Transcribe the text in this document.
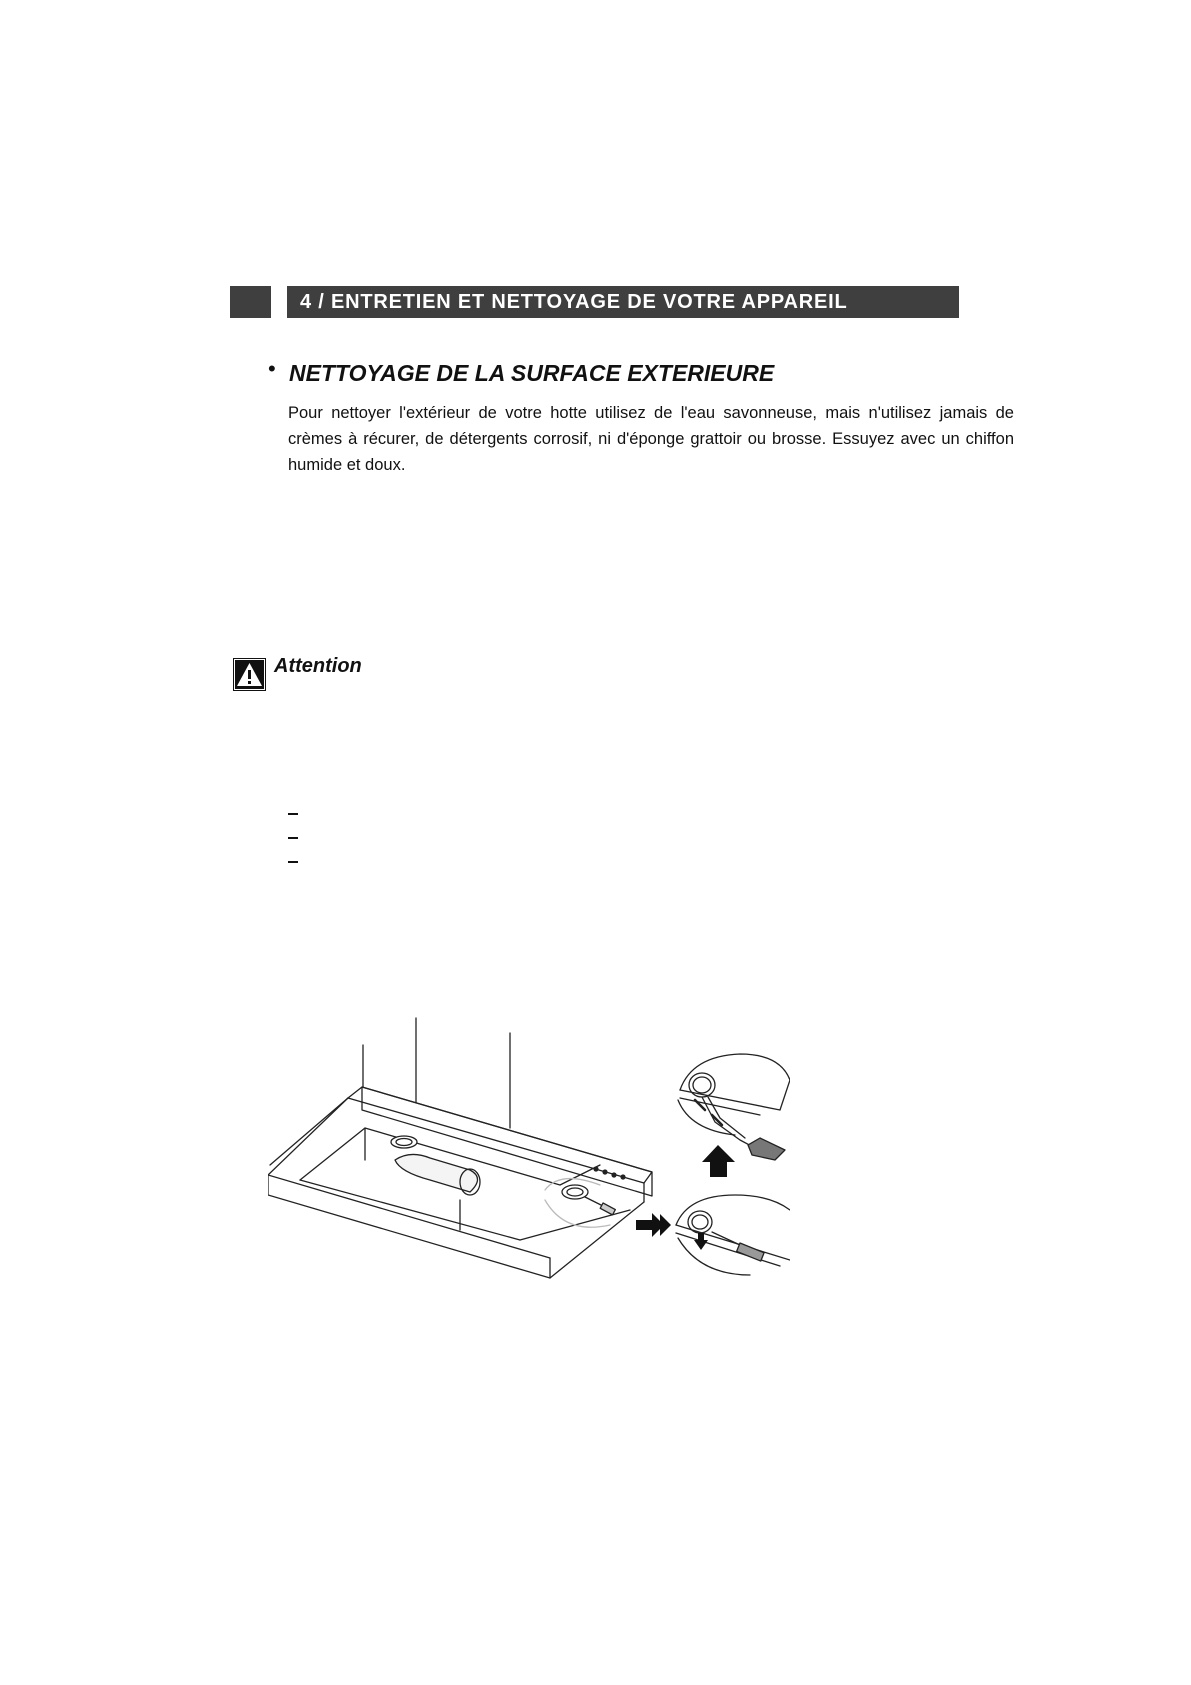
4 / ENTRETIEN ET NETTOYAGE DE VOTRE APPAREIL
• NETTOYAGE DE LA SURFACE EXTERIEURE

Pour nettoyer l'extérieur de votre hotte utilisez de l'eau savonneuse, mais n'utilisez jamais de crèmes à récurer, de détergents corrosif, ni d'éponge grattoir ou brosse. Essuyez avec un chiffon humide et doux.

Attention
